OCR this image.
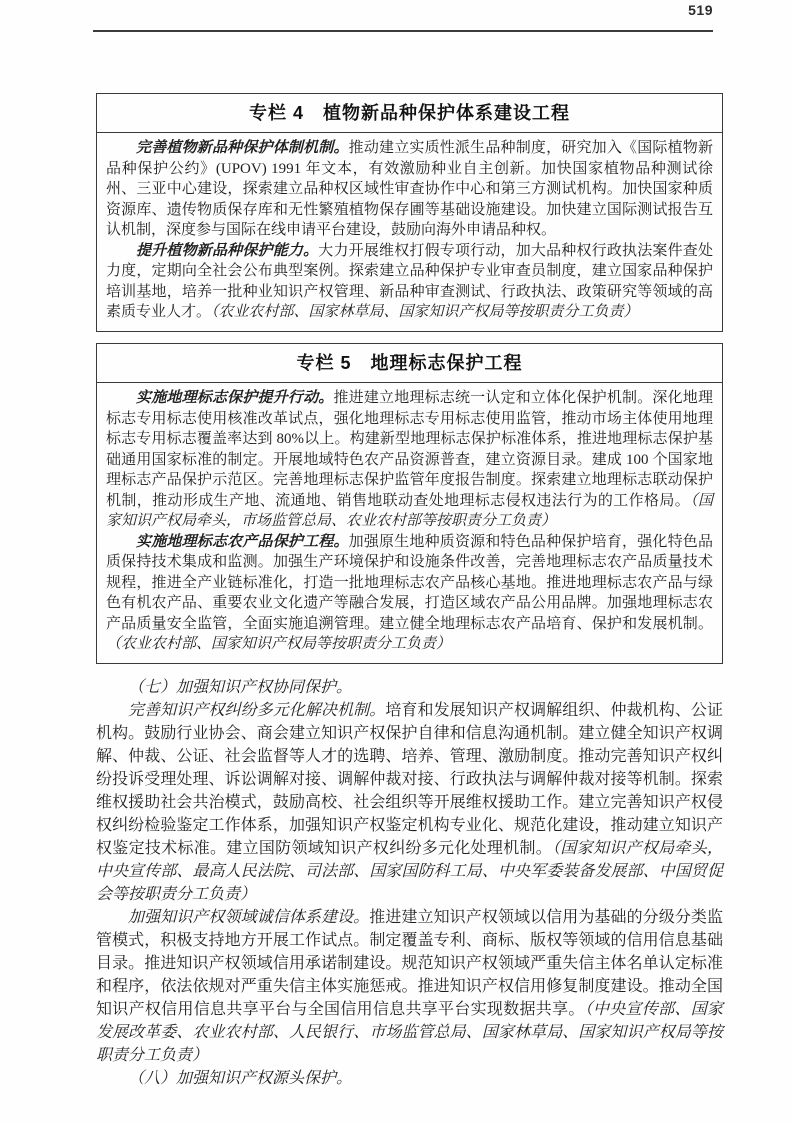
519
专栏 4　植物新品种保护体系建设工程

完善植物新品种保护体制机制。推动建立实质性派生品种制度，研究加入《国际植物新品种保护公约》(UPOV) 1991 年文本，有效激励种业自主创新。加快国家植物品种测试徐州、三亚中心建设，探索建立品种权区域性审查协作中心和第三方测试机构。加快国家种质资源库、遗传物质保存库和无性繁殖植物保存圃等基础设施建设。加快建立国际测试报告互认机制，深度参与国际在线申请平台建设，鼓励向海外申请品种权。

提升植物新品种保护能力。大力开展维权打假专项行动，加大品种权行政执法案件查处力度，定期向全社会公布典型案例。探索建立品种保护专业审查员制度，建立国家品种保护培训基地，培养一批种业知识产权管理、新品种审查测试、行政执法、政策研究等领域的高素质专业人才。（农业农村部、国家林草局、国家知识产权局等按职责分工负责）

专栏 5　地理标志保护工程

实施地理标志保护提升行动。推进建立地理标志统一认定和立体化保护机制。深化地理标志专用标志使用核准改革试点，强化地理标志专用标志使用监管，推动市场主体使用地理标志专用标志覆盖率达到 80%以上。构建新型地理标志保护标准体系，推进地理标志保护基础通用国家标准的制定。开展地域特色农产品资源普查，建立资源目录。建成 100 个国家地理标志产品保护示范区。完善地理标志保护监管年度报告制度。探索建立地理标志联动保护机制，推动形成生产地、流通地、销售地联动查处地理标志侵权违法行为的工作格局。（国家知识产权局牵头，市场监管总局、农业农村部等按职责分工负责）

实施地理标志农产品保护工程。加强原生地种质资源和特色品种保护培育，强化特色品质保持技术集成和监测。加强生产环境保护和设施条件改善，完善地理标志农产品质量技术规程，推进全产业链标准化，打造一批地理标志农产品核心基地。推进地理标志农产品与绿色有机农产品、重要农业文化遗产等融合发展，打造区域农产品公用品牌。加强地理标志农产品质量安全监管，全面实施追溯管理。建立健全地理标志农产品培育、保护和发展机制。（农业农村部、国家知识产权局等按职责分工负责）

（七）加强知识产权协同保护。

完善知识产权纠纷多元化解决机制。培育和发展知识产权调解组织、仲裁机构、公证机构。鼓励行业协会、商会建立知识产权保护自律和信息沟通机制。建立健全知识产权调解、仲裁、公证、社会监督等人才的选聘、培养、管理、激励制度。推动完善知识产权纠纷投诉受理处理、诉讼调解对接、调解仲裁对接、行政执法与调解仲裁对接等机制。探索维权援助社会共治模式，鼓励高校、社会组织等开展维权援助工作。建立完善知识产权侵权纠纷检验鉴定工作体系，加强知识产权鉴定机构专业化、规范化建设，推动建立知识产权鉴定技术标准。建立国防领域知识产权纠纷多元化处理机制。（国家知识产权局牵头，中央宣传部、最高人民法院、司法部、国家国防科工局、中央军委装备发展部、中国贸促会等按职责分工负责）

加强知识产权领域诚信体系建设。推进建立知识产权领域以信用为基础的分级分类监管模式，积极支持地方开展工作试点。制定覆盖专利、商标、版权等领域的信用信息基础目录。推进知识产权领域信用承诺制建设。规范知识产权领域严重失信主体名单认定标准和程序，依法依规对严重失信主体实施惩戒。推进知识产权信用修复制度建设。推动全国知识产权信用信息共享平台与全国信用信息共享平台实现数据共享。（中央宣传部、国家发展改革委、农业农村部、人民银行、市场监管总局、国家林草局、国家知识产权局等按职责分工负责）

（八）加强知识产权源头保护。
